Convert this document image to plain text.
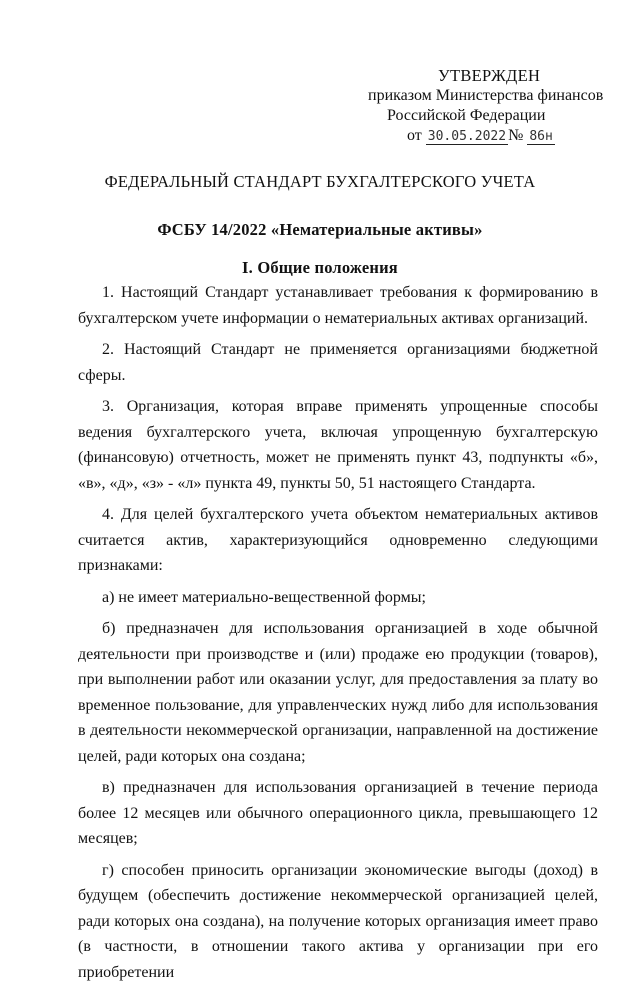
УТВЕРЖДЕН
приказом Министерства финансов
Российской Федерации
от 30.05.2022 № 86н
ФЕДЕРАЛЬНЫЙ СТАНДАРТ БУХГАЛТЕРСКОГО УЧЕТА
ФСБУ 14/2022 «Нематериальные активы»
I. Общие положения

1. Настоящий Стандарт устанавливает требования к формированию в бухгалтерском учете информации о нематериальных активах организаций.

2. Настоящий Стандарт не применяется организациями бюджетной сферы.

3. Организация, которая вправе применять упрощенные способы ведения бухгалтерского учета, включая упрощенную бухгалтерскую (финансовую) отчетность, может не применять пункт 43, подпункты «б», «в», «д», «з» - «л» пункта 49, пункты 50, 51 настоящего Стандарта.

4. Для целей бухгалтерского учета объектом нематериальных активов считается актив, характеризующийся одновременно следующими признаками:

а) не имеет материально-вещественной формы;

б) предназначен для использования организацией в ходе обычной деятельности при производстве и (или) продаже ею продукции (товаров), при выполнении работ или оказании услуг, для предоставления за плату во временное пользование, для управленческих нужд либо для использования в деятельности некоммерческой организации, направленной на достижение целей, ради которых она создана;

в) предназначен для использования организацией в течение периода более 12 месяцев или обычного операционного цикла, превышающего 12 месяцев;

г) способен приносить организации экономические выгоды (доход) в будущем (обеспечить достижение некоммерческой организацией целей, ради которых она создана), на получение которых организация имеет право (в частности, в отношении такого актива у организации при его приобретении
